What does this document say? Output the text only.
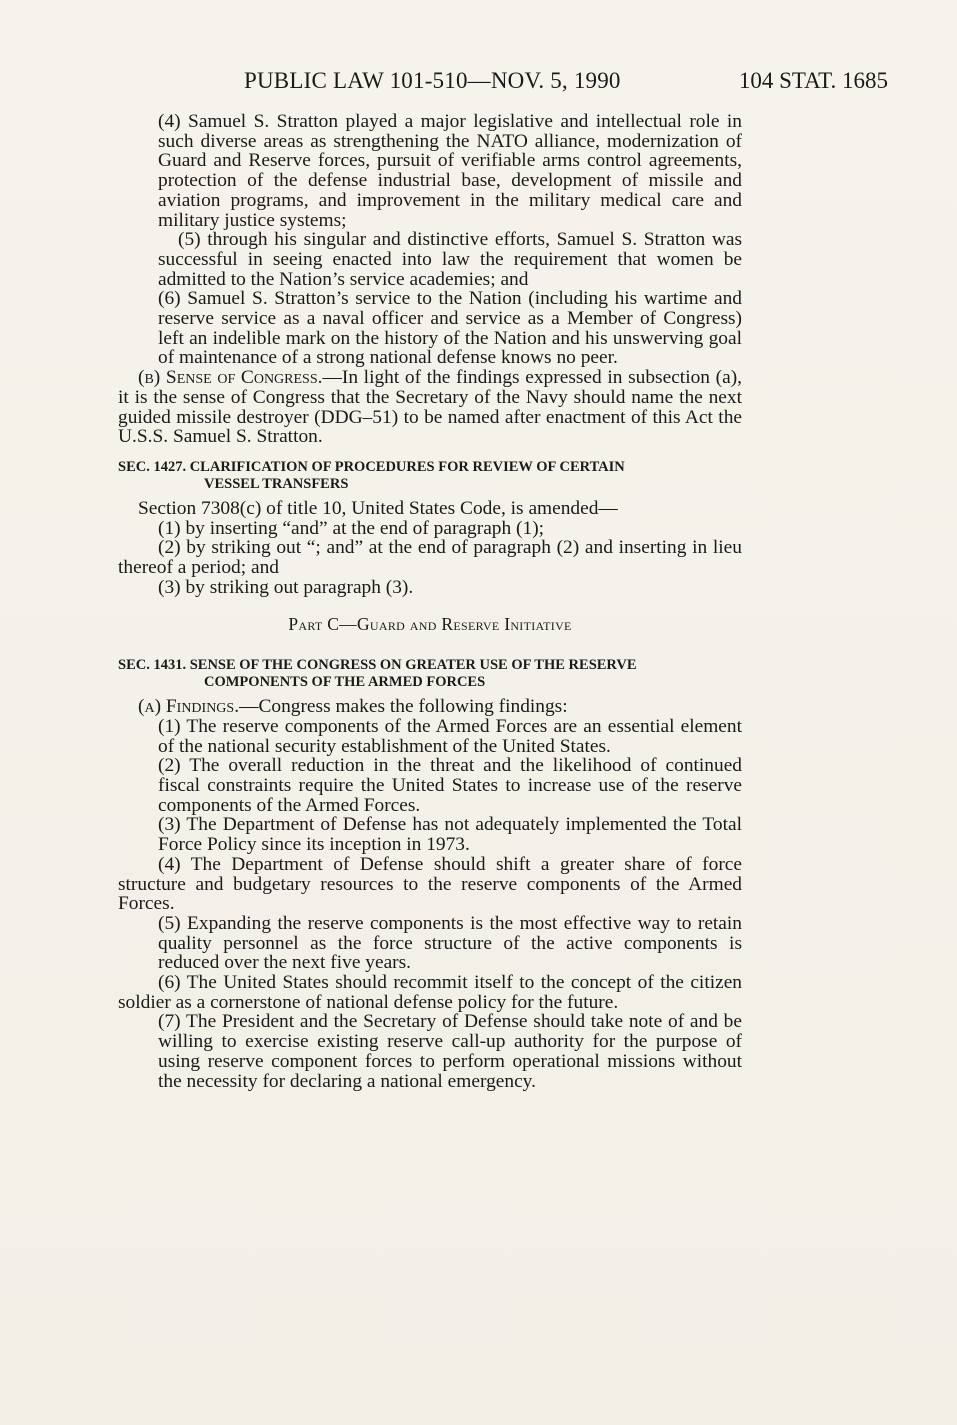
PUBLIC LAW 101-510—NOV. 5, 1990	104 STAT. 1685

(4) Samuel S. Stratton played a major legislative and intellectual role in such diverse areas as strengthening the NATO alliance, modernization of Guard and Reserve forces, pursuit of verifiable arms control agreements, protection of the defense industrial base, development of missile and aviation programs, and improvement in the military medical care and military justice systems;

(5) through his singular and distinctive efforts, Samuel S. Stratton was successful in seeing enacted into law the requirement that women be admitted to the Nation’s service academies; and

(6) Samuel S. Stratton’s service to the Nation (including his wartime and reserve service as a naval officer and service as a Member of Congress) left an indelible mark on the history of the Nation and his unswerving goal of maintenance of a strong national defense knows no peer.

(b) Sense of Congress.—In light of the findings expressed in subsection (a), it is the sense of Congress that the Secretary of the Navy should name the next guided missile destroyer (DDG–51) to be named after enactment of this Act the U.S.S. Samuel S. Stratton.

SEC. 1427. CLARIFICATION OF PROCEDURES FOR REVIEW OF CERTAIN
VESSEL TRANSFERS

Section 7308(c) of title 10, United States Code, is amended—

(1) by inserting “and” at the end of paragraph (1);

(2) by striking out “; and” at the end of paragraph (2) and inserting in lieu thereof a period; and

(3) by striking out paragraph (3).

Part C—Guard and Reserve Initiative
SEC. 1431. SENSE OF THE CONGRESS ON GREATER USE OF THE RESERVE
COMPONENTS OF THE ARMED FORCES

(a) Findings.—Congress makes the following findings:

(1) The reserve components of the Armed Forces are an essential element of the national security establishment of the United States.

(2) The overall reduction in the threat and the likelihood of continued fiscal constraints require the United States to increase use of the reserve components of the Armed Forces.

(3) The Department of Defense has not adequately implemented the Total Force Policy since its inception in 1973.

(4) The Department of Defense should shift a greater share of force structure and budgetary resources to the reserve components of the Armed Forces.

(5) Expanding the reserve components is the most effective way to retain quality personnel as the force structure of the active components is reduced over the next five years.

(6) The United States should recommit itself to the concept of the citizen soldier as a cornerstone of national defense policy for the future.

(7) The President and the Secretary of Defense should take note of and be willing to exercise existing reserve call-up authority for the purpose of using reserve component forces to perform operational missions without the necessity for declaring a national emergency.
